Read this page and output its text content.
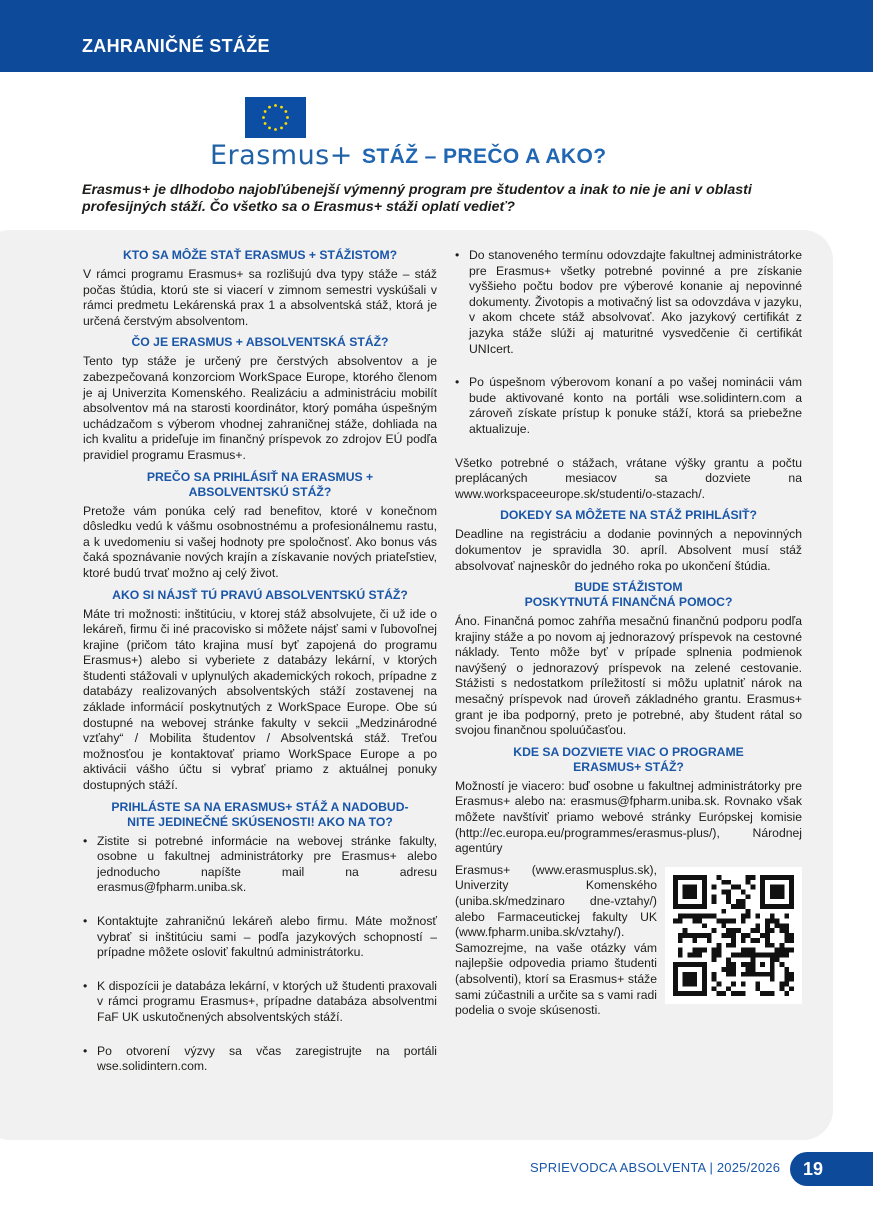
ZAHRANIČNÉ STÁŽE
Erasmus+ STÁŽ – PREČO A AKO?
Erasmus+ je dlhodobo najobľúbenejší výmenný program pre študentov a inak to nie je ani v oblasti profesijných stáží. Čo všetko sa o Erasmus+ stáži oplatí vedieť?
KTO SA MÔŽE STAŤ ERASMUS + STÁŽISTOM?
V rámci programu Erasmus+ sa rozlišujú dva typy stáže – stáž počas štúdia, ktorú ste si viacerí v zimnom semestri vyskúšali v rámci predmetu Lekárenská prax 1 a absolventská stáž, ktorá je určená čerstvým absolventom.
ČO JE ERASMUS + ABSOLVENTSKÁ STÁŽ?
Tento typ stáže je určený pre čerstvých absolventov a je zabezpečovaná konzorciom WorkSpace Europe, ktorého členom je aj Univerzita Komenského. Realizáciu a administráciu mobilít absolventov má na starosti koordinátor, ktorý pomáha úspešným uchádzačom s výberom vhodnej zahraničnej stáže, dohliada na ich kvalitu a prideľuje im finančný príspevok zo zdrojov EÚ podľa pravidiel programu Erasmus+.
PREČO SA PRIHLÁSIŤ NA ERASMUS +
ABSOLVENTSKÚ STÁŽ?
Pretože vám ponúka celý rad benefitov, ktoré v konečnom dôsledku vedú k vášmu osobnostnému a profesionálnemu rastu, a k uvedomeniu si vašej hodnoty pre spoločnosť. Ako bonus vás čaká spoznávanie nových krajín a získavanie nových priateľstiev, ktoré budú trvať možno aj celý život.
AKO SI NÁJSŤ TÚ PRAVÚ ABSOLVENTSKÚ STÁŽ?
Máte tri možnosti: inštitúciu, v ktorej stáž absolvujete, či už ide o lekáreň, firmu či iné pracovisko si môžete nájsť sami v ľubovoľnej krajine (pričom táto krajina musí byť zapojená do programu Erasmus+) alebo si vyberiete z databázy lekární, v ktorých študenti stážovali v uplynulých akademických rokoch, prípadne z databázy realizovaných absolventských stáží zostavenej na základe informácií poskytnutých z WorkSpace Europe. Obe sú dostupné na webovej stránke fakulty v sekcii „Medzinárodné vzťahy“ / Mobilita študentov / Absolventská stáž. Treťou možnosťou je kontaktovať priamo WorkSpace Europe a po aktivácii vášho účtu si vybrať priamo z aktuálnej ponuky dostupných stáží.
PRIHLÁSTE SA NA ERASMUS+ STÁŽ A NADOBUD-
NITE JEDINEČNÉ SKÚSENOSTI! AKO NA TO?
• Zistite si potrebné informácie na webovej stránke fakulty, osobne u fakultnej administrátorky pre Erasmus+ alebo jednoducho napíšte mail na adresu erasmus@fpharm.uniba.sk.
• Kontaktujte zahraničnú lekáreň alebo firmu. Máte možnosť vybrať si inštitúciu sami – podľa jazykových schopností – prípadne môžete osloviť fakultnú administrátorku.
• K dispozícii je databáza lekární, v ktorých už študenti praxovali v rámci programu Erasmus+, prípadne databáza absolventmi FaF UK uskutočnených absolventských stáží.
• Po otvorení výzvy sa včas zaregistrujte na portáli wse.solidintern.com.
• Do stanoveného termínu odovzdajte fakultnej administrátorke pre Erasmus+ všetky potrebné povinné a pre získanie vyššieho počtu bodov pre výberové konanie aj nepovinné dokumenty. Životopis a motivačný list sa odovzdáva v jazyku, v akom chcete stáž absolvovať. Ako jazykový certifikát z jazyka stáže slúži aj maturitné vysvedčenie či certifikát UNIcert.
• Po úspešnom výberovom konaní a po vašej nominácii vám bude aktivované konto na portáli wse.solidintern.com a zároveň získate prístup k ponuke stáží, ktorá sa priebežne aktualizuje.
Všetko potrebné o stážach, vrátane výšky grantu a počtu preplácaných mesiacov sa dozviete na www.workspaceeurope.sk/studenti/o-stazach/.
DOKEDY SA MÔŽETE NA STÁŽ PRIHLÁSIŤ?
Deadline na registráciu a dodanie povinných a nepovinných dokumentov je spravidla 30. apríl. Absolvent musí stáž absolvovať najneskôr do jedného roka po ukončení štúdia.
BUDE STÁŽISTOM
POSKYTNUTÁ FINANČNÁ POMOC?
Áno. Finančná pomoc zahŕňa mesačnú finančnú podporu podľa krajiny stáže a po novom aj jednorazový príspevok na cestovné náklady. Tento môže byť v prípade splnenia podmienok navýšený o jednorazový príspevok na zelené cestovanie. Stážisti s nedostatkom príležitostí si môžu uplatniť nárok na mesačný príspevok nad úroveň základného grantu. Erasmus+ grant je iba podporný, preto je potrebné, aby študent rátal so svojou finančnou spoluúčasťou.
KDE SA DOZVIETE VIAC O PROGRAME
ERASMUS+ STÁŽ?
Možností je viacero: buď osobne u fakultnej administrátorky pre Erasmus+ alebo na: erasmus@fpharm.uniba.sk. Rovnako však môžete navštíviť priamo webové stránky Európskej komisie (http://ec.europa.eu/programmes/erasmus-plus/), Národnej agentúry
Erasmus+ (www.erasmusplus.sk), Univerzity Komenského (uniba.sk/medzinaro dne-vztahy/) alebo Farmaceutickej fakulty UK (www.fpharm.uniba.sk/vztahy/). Samozrejme, na vaše otázky vám najlepšie odpovedia priamo študenti (absolventi), ktorí sa Erasmus+ stáže sami zúčastnili a určite sa s vami radi podelia o svoje skúsenosti.
SPRIEVODCA ABSOLVENTA | 2025/2026	19
